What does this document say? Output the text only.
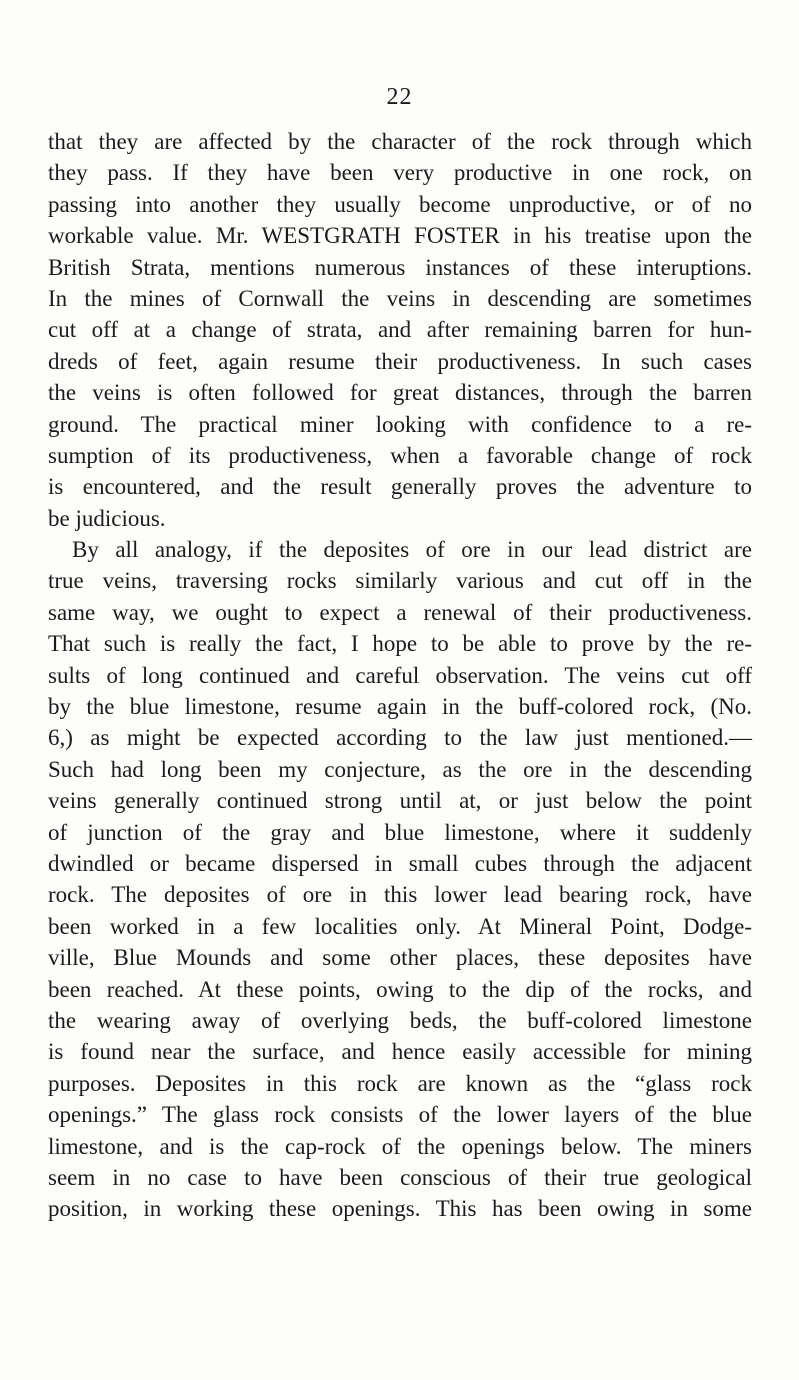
22
that they are affected by the character of the rock through which
they pass. If they have been very productive in one rock, on
passing into another they usually become unproductive, or of no
workable value. Mr. WESTGRATH FOSTER in his treatise upon the
British Strata, mentions numerous instances of these interuptions.
In the mines of Cornwall the veins in descending are sometimes
cut off at a change of strata, and after remaining barren for hun-
dreds of feet, again resume their productiveness. In such cases
the veins is often followed for great distances, through the barren
ground. The practical miner looking with confidence to a re-
sumption of its productiveness, when a favorable change of rock
is encountered, and the result generally proves the adventure to
be judicious.
By all analogy, if the deposites of ore in our lead district are
true veins, traversing rocks similarly various and cut off in the
same way, we ought to expect a renewal of their productiveness.
That such is really the fact, I hope to be able to prove by the re-
sults of long continued and careful observation. The veins cut off
by the blue limestone, resume again in the buff-colored rock, (No.
6,) as might be expected according to the law just mentioned.—
Such had long been my conjecture, as the ore in the descending
veins generally continued strong until at, or just below the point
of junction of the gray and blue limestone, where it suddenly
dwindled or became dispersed in small cubes through the adjacent
rock. The deposites of ore in this lower lead bearing rock, have
been worked in a few localities only. At Mineral Point, Dodge-
ville, Blue Mounds and some other places, these deposites have
been reached. At these points, owing to the dip of the rocks, and
the wearing away of overlying beds, the buff-colored limestone
is found near the surface, and hence easily accessible for mining
purposes. Deposites in this rock are known as the “glass rock
openings.” The glass rock consists of the lower layers of the blue
limestone, and is the cap-rock of the openings below. The miners
seem in no case to have been conscious of their true geological
position, in working these openings. This has been owing in some
